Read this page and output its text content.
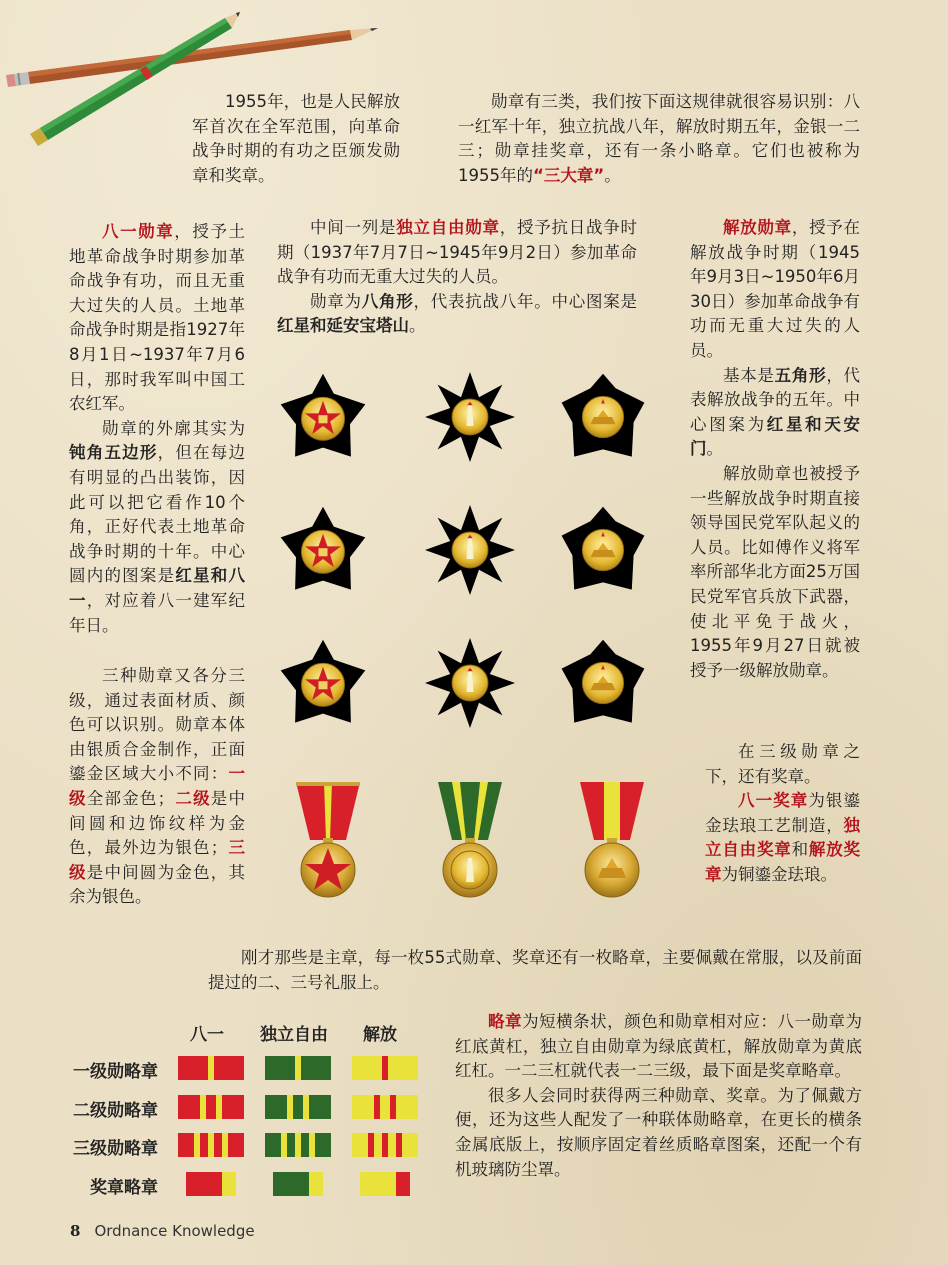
1955年，也是人民解放军首次在全军范围，向革命战争时期的有功之臣颁发勋章和奖章。

勋章有三类，我们按下面这规律就很容易识别：八一红军十年，独立抗战八年，解放时期五年，金银一二三；勋章挂奖章，还有一条小略章。它们也被称为1955年的“三大章”。

八一勋章，授予土地革命战争时期参加革命战争有功，而且无重大过失的人员。土地革命战争时期是指1927年8月1日~1937年7月6日，那时我军叫中国工农红军。

勋章的外廓其实为钝角五边形，但在每边有明显的凸出装饰，因此可以把它看作10个角，正好代表土地革命战争时期的十年。中心圆内的图案是红星和八一，对应着八一建军纪年日。

三种勋章又各分三级，通过表面材质、颜色可以识别。勋章本体由银质合金制作，正面鎏金区域大小不同：一级全部金色；二级是中间圆和边饰纹样为金色，最外边为银色；三级是中间圆为金色，其余为银色。

中间一列是独立自由勋章，授予抗日战争时期（1937年7月7日~1945年9月2日）参加革命战争有功而无重大过失的人员。

勋章为八角形，代表抗战八年。中心图案是红星和延安宝塔山。

解放勋章，授予在解放战争时期（1945年9月3日~1950年6月30日）参加革命战争有功而无重大过失的人员。

基本是五角形，代表解放战争的五年。中心图案为红星和天安门。

解放勋章也被授予一些解放战争时期直接领导国民党军队起义的人员。比如傅作义将军率所部华北方面25万国民党军官兵放下武器，使北平免于战火，1955年9月27日就被授予一级解放勋章。

在三级勋章之下，还有奖章。

八一奖章为银鎏金珐琅工艺制造，独立自由奖章和解放奖章为铜鎏金珐琅。

刚才那些是主章，每一枚55式勋章、奖章还有一枚略章，主要佩戴在常服，以及前面提过的二、三号礼服上。

略章为短横条状，颜色和勋章相对应：八一勋章为红底黄杠，独立自由勋章为绿底黄杠，解放勋章为黄底红杠。一二三杠就代表一二三级，最下面是奖章略章。

很多人会同时获得两三种勋章、奖章。为了佩戴方便，还为这些人配发了一种联体勋略章，在更长的横条金属底版上，按顺序固定着丝质略章图案，还配一个有机玻璃防尘罩。

八一 独立自由 解放
一级勋略章
二级勋略章
三级勋略章
奖章略章
8 Ordnance Knowledge
